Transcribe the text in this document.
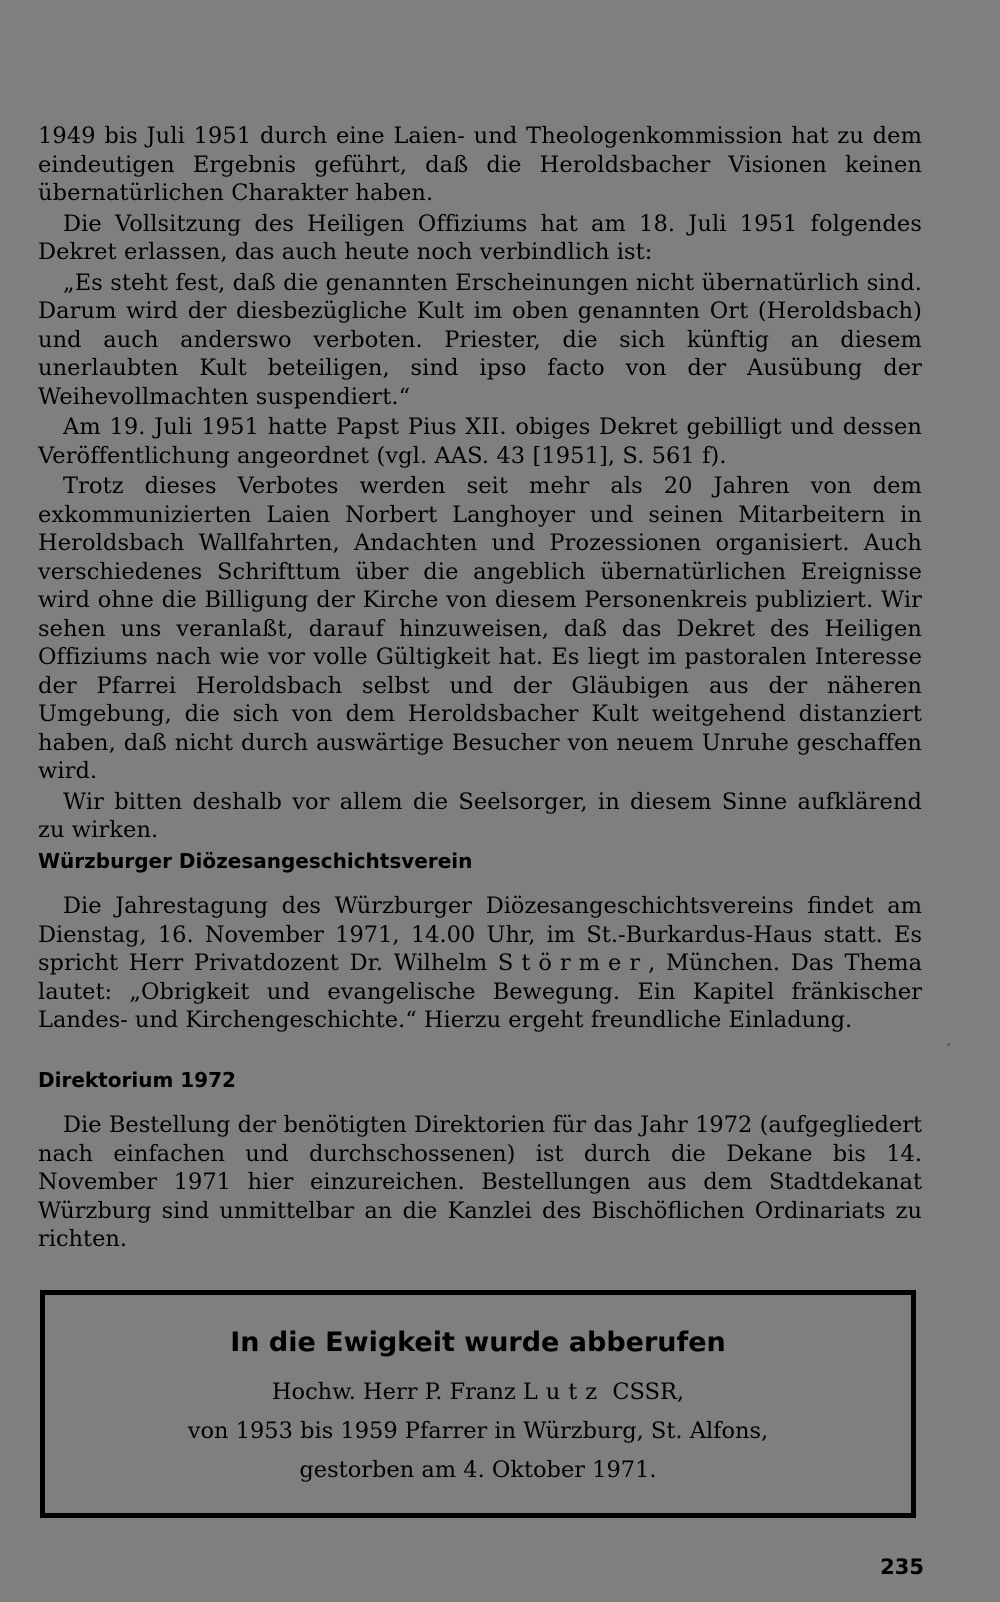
1949 bis Juli 1951 durch eine Laien- und Theologenkommission hat zu dem eindeutigen Ergebnis geführt, daß die Heroldsbacher Visionen keinen übernatürlichen Charakter haben.

Die Vollsitzung des Heiligen Offiziums hat am 18. Juli 1951 folgendes Dekret erlassen, das auch heute noch verbindlich ist:

„Es steht fest, daß die genannten Erscheinungen nicht übernatürlich sind. Darum wird der diesbezügliche Kult im oben genannten Ort (Heroldsbach) und auch anderswo verboten. Priester, die sich künftig an diesem unerlaubten Kult beteiligen, sind ipso facto von der Ausübung der Weihevollmachten suspendiert.“

Am 19. Juli 1951 hatte Papst Pius XII. obiges Dekret gebilligt und dessen Veröffentlichung angeordnet (vgl. AAS. 43 [1951], S. 561 f).

Trotz dieses Verbotes werden seit mehr als 20 Jahren von dem exkommunizierten Laien Norbert Langhoyer und seinen Mitarbeitern in Heroldsbach Wallfahrten, Andachten und Prozessionen organisiert. Auch verschiedenes Schrifttum über die angeblich übernatürlichen Ereignisse wird ohne die Billigung der Kirche von diesem Personenkreis publiziert. Wir sehen uns veranlaßt, darauf hinzuweisen, daß das Dekret des Heiligen Offiziums nach wie vor volle Gültigkeit hat. Es liegt im pastoralen Interesse der Pfarrei Heroldsbach selbst und der Gläubigen aus der näheren Umgebung, die sich von dem Heroldsbacher Kult weitgehend distanziert haben, daß nicht durch auswärtige Besucher von neuem Unruhe geschaffen wird.

Wir bitten deshalb vor allem die Seelsorger, in diesem Sinne aufklärend zu wirken.

Würzburger Diözesangeschichtsverein

Die Jahrestagung des Würzburger Diözesangeschichtsvereins findet am Dienstag, 16. November 1971, 14.00 Uhr, im St.-Burkardus-Haus statt. Es spricht Herr Privatdozent Dr. Wilhelm Störmer, München. Das Thema lautet: „Obrigkeit und evangelische Bewegung. Ein Kapitel fränkischer Landes- und Kirchengeschichte.“ Hierzu ergeht freundliche Einladung.

ˇ
Direktorium 1972

Die Bestellung der benötigten Direktorien für das Jahr 1972 (aufgegliedert nach einfachen und durchschossenen) ist durch die Dekane bis 14. November 1971 hier einzureichen. Bestellungen aus dem Stadtdekanat Würzburg sind unmittelbar an die Kanzlei des Bischöflichen Ordinariats zu richten.

In die Ewigkeit wurde abberufen

Hochw. Herr P. Franz Lutz CSSR,

von 1953 bis 1959 Pfarrer in Würzburg, St. Alfons,

gestorben am 4. Oktober 1971.

235
